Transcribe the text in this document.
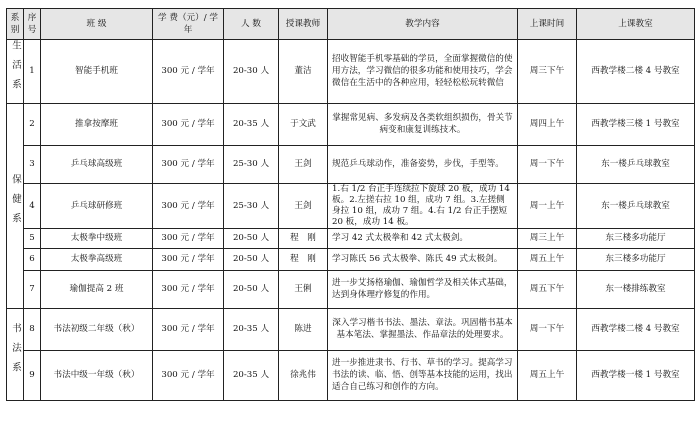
系别	序号	班 级	学 费（元）/ 学年	人 数	授课教师	教学内容	上课时间	上课教室
生活系	1	智能手机班	300 元 / 学年	20-30 人	董洁	招收智能手机零基础的学员，全面掌握微信的使用方法，学习微信的很多功能和使用技巧，学会微信在生活中的各种应用，轻轻松松玩转微信	周三下午	西教学楼二楼 4 号教室
保健系	2	推拿按摩班	300 元 / 学年	20-35 人	于文武	掌握常见病、多发病及各类软组织损伤，骨关节病变和康复训练技术。	周四上午	西教学楼三楼 1 号教室
	3	乒乓球高级班	300 元 / 学年	25-30 人	王剑	规范乒乓球动作，准备姿势，步伐，手型等。	周一下午	东一楼乒乓球教室
	4	乒乓球研修班	300 元 / 学年	25-30 人	王剑	1.右 1/2 台正手连续拉下旋球 20 板，成功 14 板。2.左搓右拉 10 组，成功 7 组。3.左搓侧身拉 10 组，成功 7 组。4.右 1/2 台正手摆短 20 板，成功 14 板。	周一上午	东一楼乒乓球教室
	5	太极拳中级班	300 元 / 学年	20-50 人	程　刚	学习 42 式太极拳和 42 式太极剑。	周三上午	东三楼多功能厅
	6	太极拳高级班	300 元 / 学年	20-50 人	程　刚	学习陈氏 56 式太极拳、陈氏 49 式太极剑。	周五上午	东三楼多功能厅
	7	瑜伽提高 2 班	300 元 / 学年	20-50 人	王俐	进一步艾扬格瑜伽、瑜伽哲学及相关体式基础，达到身体理疗修复的作用。	周五下午	东一楼排练教室
书法系	8	书法初级二年级（秋）	300 元 / 学年	20-35 人	陈进	深入学习楷书书法、墨法、章法。巩固楷书基本基本笔法、掌握墨法、作品章法的处理要求。	周一下午	西教学楼二楼 4 号教室
	9	书法中级一年级（秋）	300 元 / 学年	20-35 人	徐兆伟	进一步推进隶书、行书、草书的学习。提高学习书法的读、临、悟、创等基本技能的运用，找出适合自己练习和创作的方向。	周五上午	西教学楼一楼 1 号教室
